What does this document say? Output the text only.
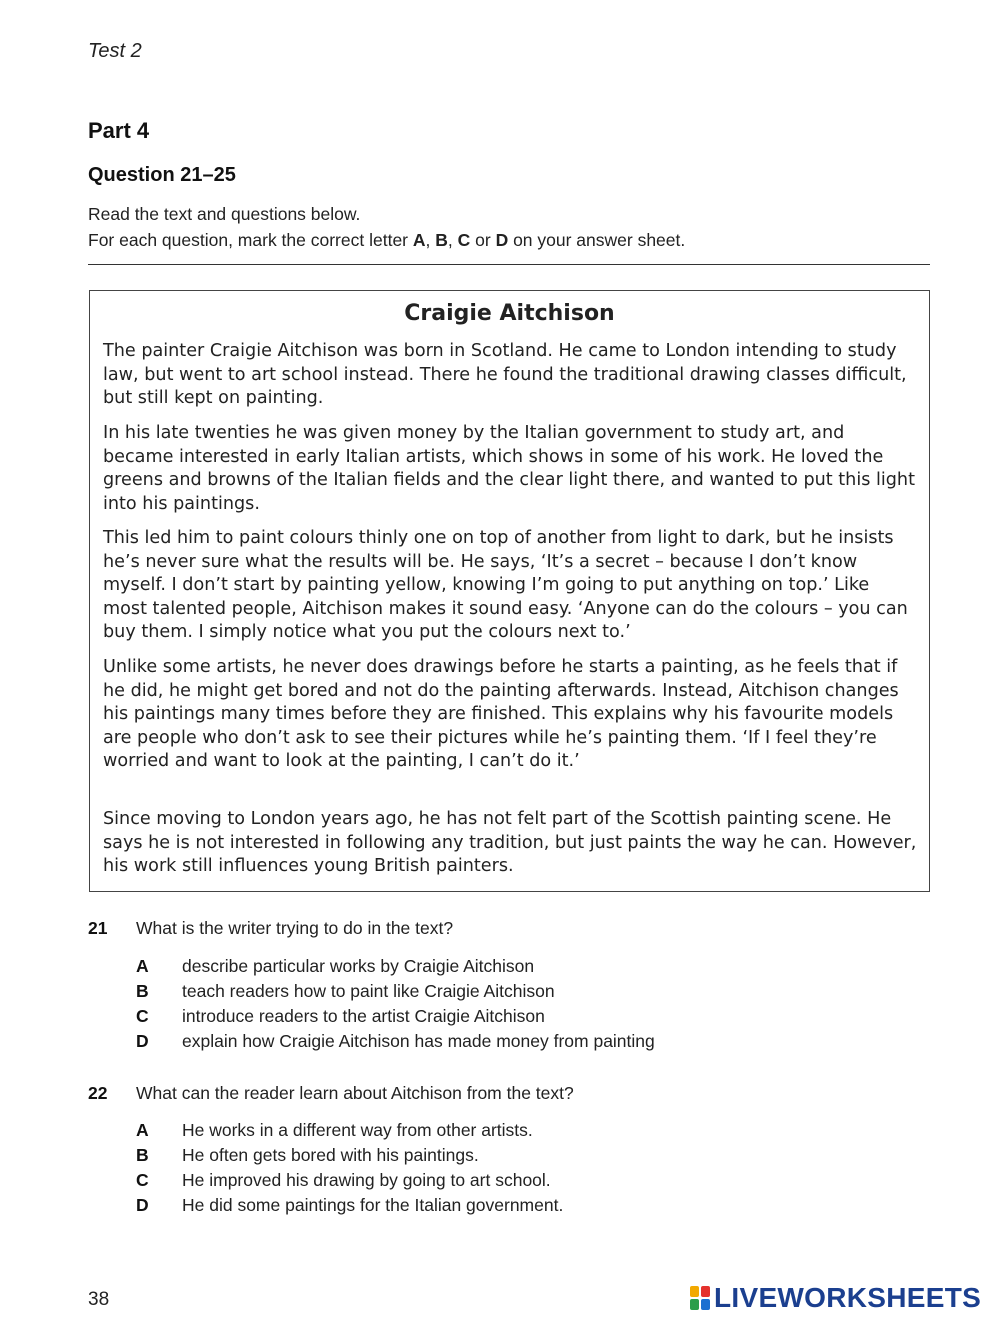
Test 2
Part 4
Question 21–25
Read the text and questions below.
For each question, mark the correct letter A, B, C or D on your answer sheet.
Craigie Aitchison

The painter Craigie Aitchison was born in Scotland. He came to London intending to study law, but went to art school instead. There he found the traditional drawing classes difficult, but still kept on painting.

In his late twenties he was given money by the Italian government to study art, and became interested in early Italian artists, which shows in some of his work. He loved the greens and browns of the Italian fields and the clear light there, and wanted to put this light into his paintings.

This led him to paint colours thinly one on top of another from light to dark, but he insists he’s never sure what the results will be. He says, ‘It’s a secret – because I don’t know myself. I don’t start by painting yellow, knowing I’m going to put anything on top.’ Like most talented people, Aitchison makes it sound easy. ‘Anyone can do the colours – you can buy them. I simply notice what you put the colours next to.’

Unlike some artists, he never does drawings before he starts a painting, as he feels that if he did, he might get bored and not do the painting afterwards. Instead, Aitchison changes his paintings many times before they are finished. This explains why his favourite models are people who don’t ask to see their pictures while he’s painting them. ‘If I feel they’re worried and want to look at the painting, I can’t do it.’

Since moving to London years ago, he has not felt part of the Scottish painting scene. He says he is not interested in following any tradition, but just paints the way he can. However, his work still influences young British painters.

21 What is the writer trying to do in the text?
A describe particular works by Craigie Aitchison
B teach readers how to paint like Craigie Aitchison
C introduce readers to the artist Craigie Aitchison
D explain how Craigie Aitchison has made money from painting
22 What can the reader learn about Aitchison from the text?
A He works in a different way from other artists.
B He often gets bored with his paintings.
C He improved his drawing by going to art school.
D He did some paintings for the Italian government.
38	LIVEWORKSHEETS
